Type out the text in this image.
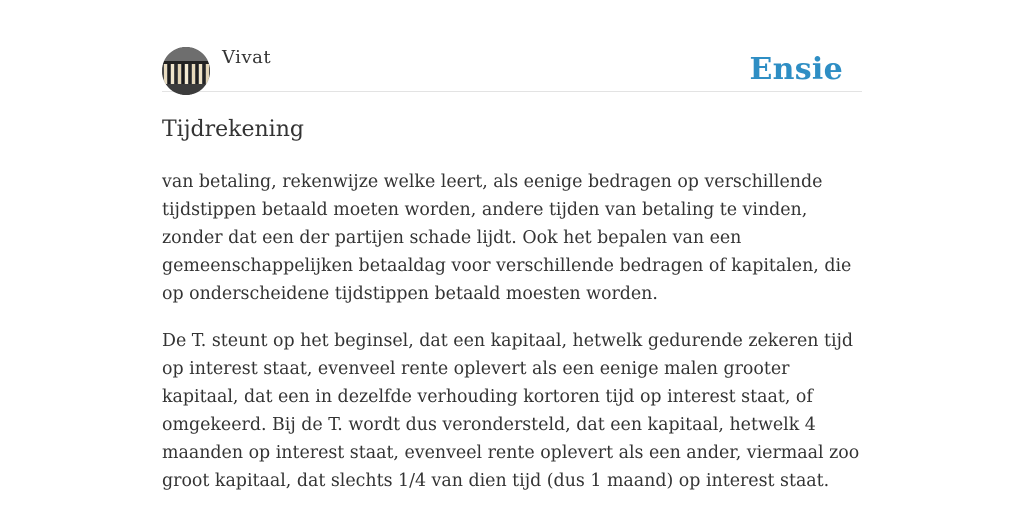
Vivat	Ensie
Tijdrekening

van betaling, rekenwijze welke leert, als eenige bedragen op verschillende tijdstippen betaald moeten worden, andere tijden van betaling te vinden, zonder dat een der partijen schade lijdt. Ook het bepalen van een gemeenschappelijken betaaldag voor verschillende bedragen of kapitalen, die op onderscheidene tijdstippen betaald moesten worden.

De T. steunt op het beginsel, dat een kapitaal, hetwelk gedurende zekeren tijd op interest staat, evenveel rente oplevert als een eenige malen grooter kapitaal, dat een in dezelfde verhouding kortoren tijd op interest staat, of omgekeerd. Bij de T. wordt dus verondersteld, dat een kapitaal, hetwelk 4 maanden op interest staat, evenveel rente oplevert als een ander, viermaal zoo groot kapitaal, dat slechts 1/4 van dien tijd (dus 1 maand) op interest staat.
